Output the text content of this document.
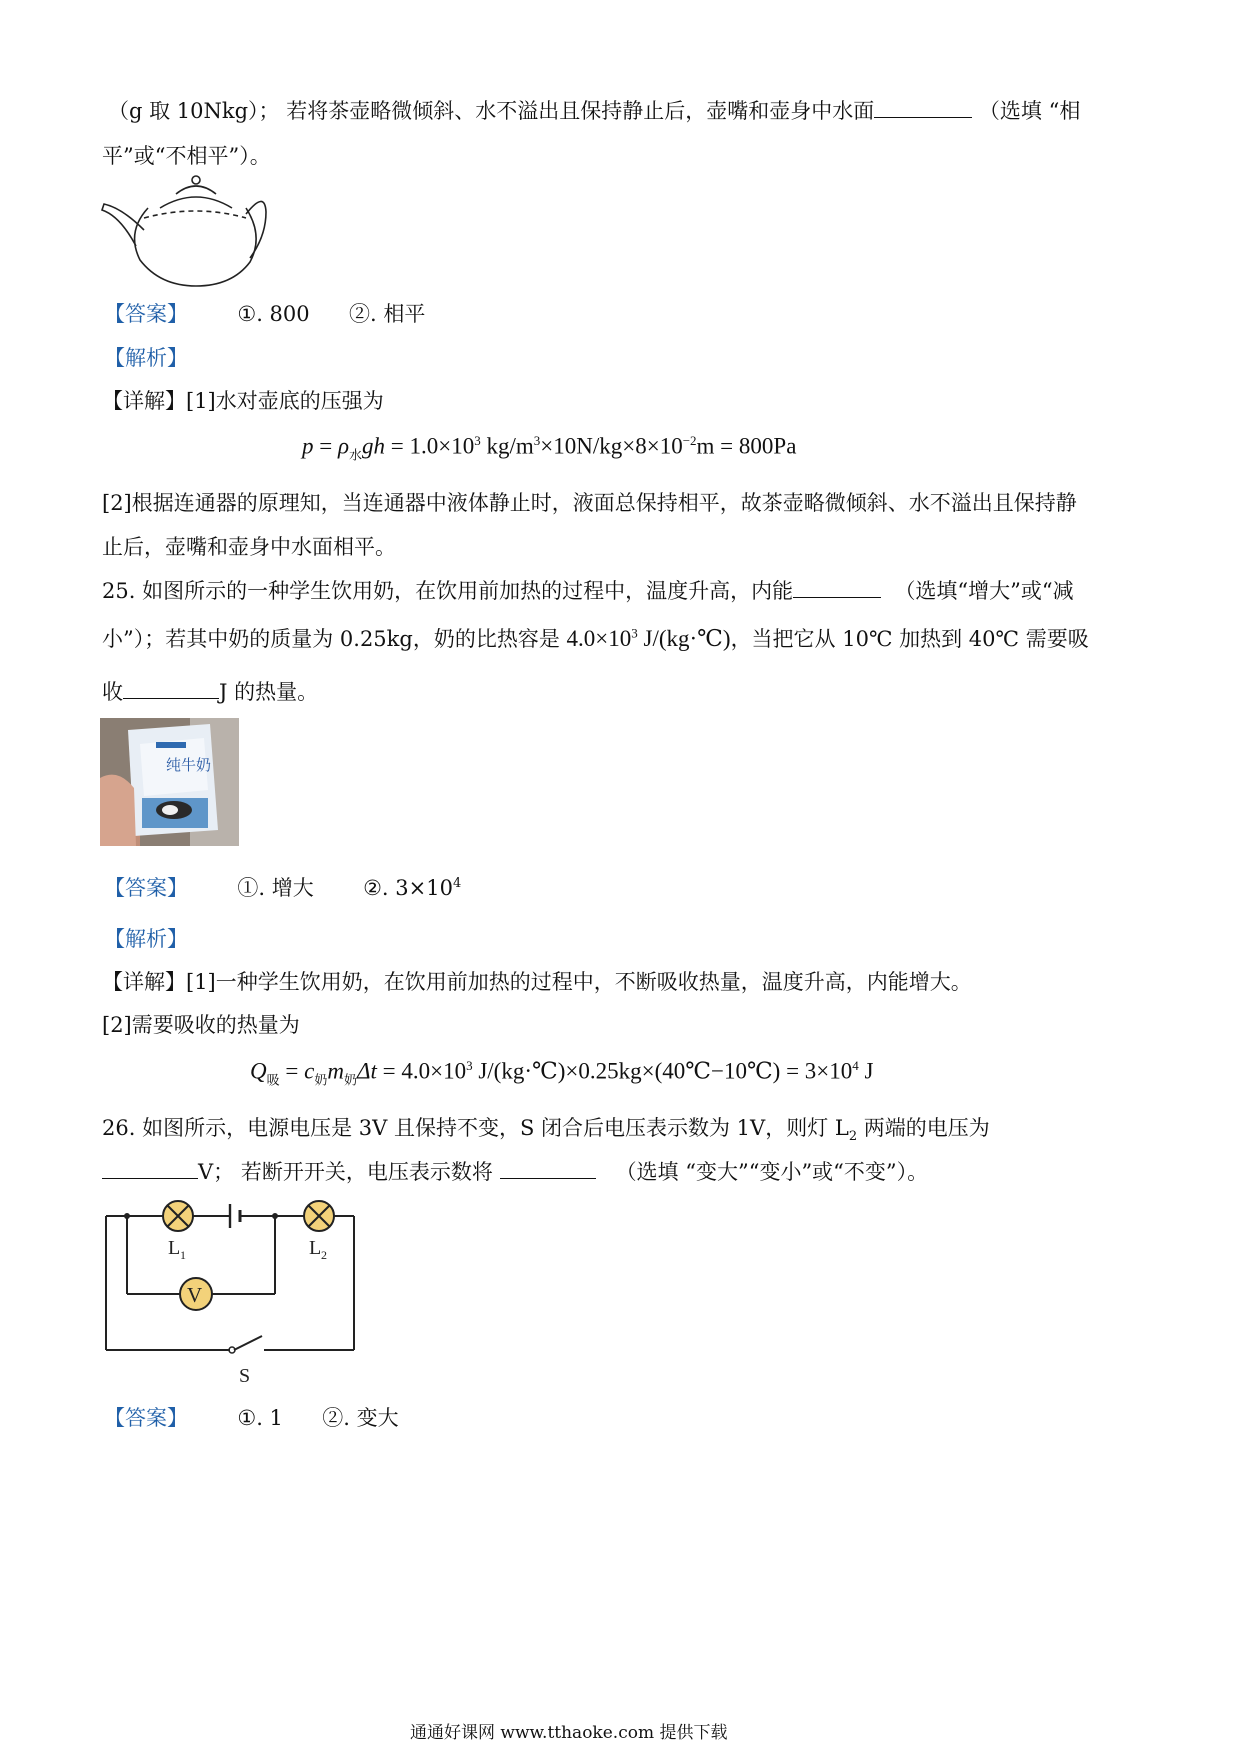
（g 取 10Nkg）； 若将茶壶略微倾斜、水不溢出且保持静止后，壶嘴和壶身中水面	（选填 “相
平”或“不相平”）。
【答案】 ①. 800 ②. 相平
【解析】
【详解】[1]水对壶底的压强为
$p = \rho_水gh = 1.0\times 10^3$ $kg/m^3\times 10N/kg\times 8\times 10^{-2}m = 800Pa$
[2]根据连通器的原理知，当连通器中液体静止时，液面总保持相平，故茶壶略微倾斜、水不溢出且保持静
止后，壶嘴和壶身中水面相平。
25. 如图所示的一种学生饮用奶，在饮用前加热的过程中，温度升高，内能	（选填“增大”或“减
小”）；若其中奶的质量为 0.25kg，奶的比热容是 $4.0\times 10^3$ J/(kg·℃)，当把它从 10℃ 加热到 40℃ 需要吸
收	J 的热量。
纯牛奶
【答案】 ①. 增大 ②. $3\times 10^4$
【解析】
【详解】[1]一种学生饮用奶，在饮用前加热的过程中，不断吸收热量，温度升高，内能增大。
[2]需要吸收的热量为
$Q_吸 = c_奶m_奶\Delta t = 4.0\times 10^3$ J/(kg·℃)×0.25kg×(40℃−10℃) = $3\times 10^4$ J
26. 如图所示，电源电压是 3V 且保持不变，S 闭合后电压表示数为 1V，则灯 $L_2$ 两端的电压为
V； 若断开开关，电压表示数将	（选填 “变大”“变小”或“不变”）。
V
L 1	L 2
S
【答案】 ①. 1 ②. 变大
通通好课网 www.tthaoke.com 提供下载
